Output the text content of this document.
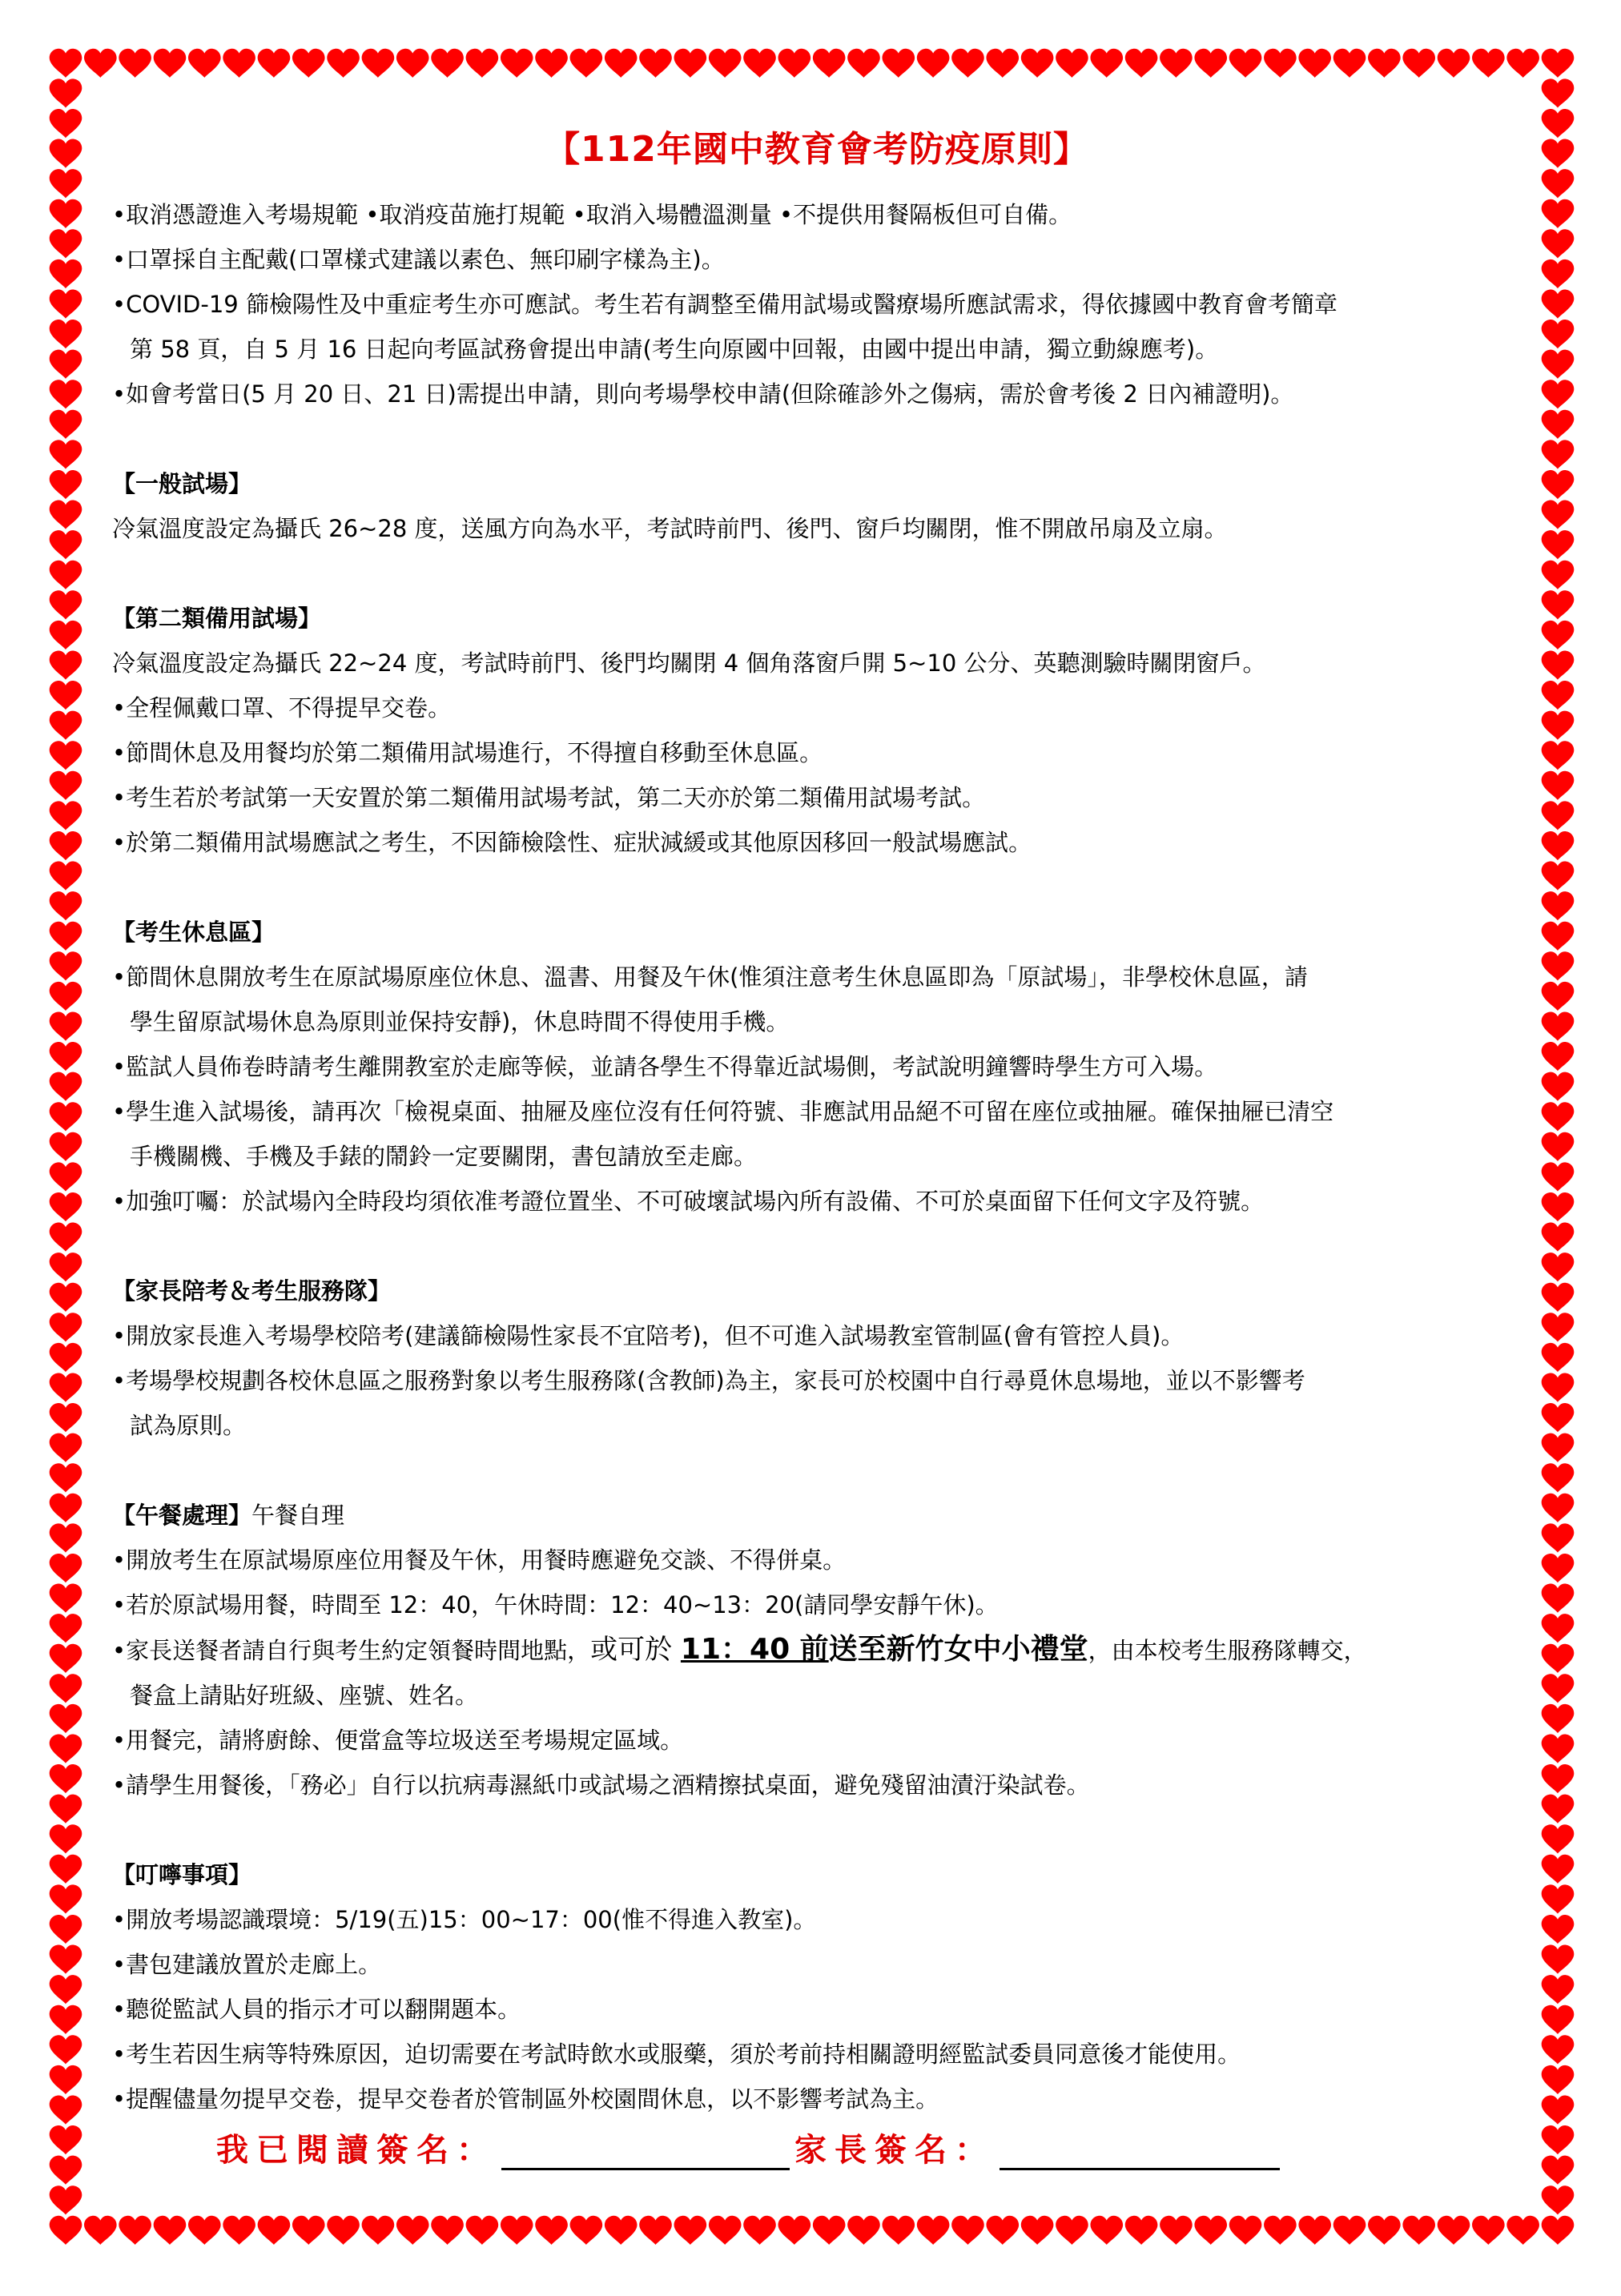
【112年國中教育會考防疫原則】
•取消憑證進入考場規範 •取消疫苗施打規範 •取消入場體溫測量 •不提供用餐隔板但可自備。
•口罩採自主配戴(口罩樣式建議以素色、無印刷字樣為主)。
•COVID-19 篩檢陽性及中重症考生亦可應試。考生若有調整至備用試場或醫療場所應試需求，得依據國中教育會考簡章
第 58 頁，自 5 月 16 日起向考區試務會提出申請(考生向原國中回報，由國中提出申請，獨立動線應考)。
•如會考當日(5 月 20 日、21 日)需提出申請，則向考場學校申請(但除確診外之傷病，需於會考後 2 日內補證明)。
【一般試場】
冷氣溫度設定為攝氏 26~28 度，送風方向為水平，考試時前門、後門、窗戶均關閉，惟不開啟吊扇及立扇。
【第二類備用試場】
冷氣溫度設定為攝氏 22~24 度，考試時前門、後門均關閉 4 個角落窗戶開 5~10 公分、英聽測驗時關閉窗戶。
•全程佩戴口罩、不得提早交卷。
•節間休息及用餐均於第二類備用試場進行，不得擅自移動至休息區。
•考生若於考試第一天安置於第二類備用試場考試，第二天亦於第二類備用試場考試。
•於第二類備用試場應試之考生，不因篩檢陰性、症狀減緩或其他原因移回一般試場應試。
【考生休息區】
•節間休息開放考生在原試場原座位休息、溫書、用餐及午休(惟須注意考生休息區即為「原試場」，非學校休息區，請
學生留原試場休息為原則並保持安靜)，休息時間不得使用手機。
•監試人員佈卷時請考生離開教室於走廊等候，並請各學生不得靠近試場側，考試說明鐘響時學生方可入場。
•學生進入試場後，請再次「檢視桌面、抽屜及座位沒有任何符號、非應試用品絕不可留在座位或抽屜。確保抽屜已清空
手機關機、手機及手錶的鬧鈴一定要關閉，書包請放至走廊。
•加強叮囑：於試場內全時段均須依准考證位置坐、不可破壞試場內所有設備、不可於桌面留下任何文字及符號。
【家長陪考＆考生服務隊】
•開放家長進入考場學校陪考(建議篩檢陽性家長不宜陪考)，但不可進入試場教室管制區(會有管控人員)。
•考場學校規劃各校休息區之服務對象以考生服務隊(含教師)為主，家長可於校園中自行尋覓休息場地，並以不影響考
試為原則。
【午餐處理】午餐自理
•開放考生在原試場原座位用餐及午休，用餐時應避免交談、不得併桌。
•若於原試場用餐，時間至 12：40，午休時間：12：40~13：20(請同學安靜午休)。
•家長送餐者請自行與考生約定領餐時間地點，或可於 11：40 前送至新竹女中小禮堂，由本校考生服務隊轉交，
餐盒上請貼好班級、座號、姓名。
•用餐完，請將廚餘、便當盒等垃圾送至考場規定區域。
•請學生用餐後，「務必」自行以抗病毒濕紙巾或試場之酒精擦拭桌面，避免殘留油漬汙染試卷。
【叮嚀事項】
•開放考場認識環境：5/19(五)15：00~17：00(惟不得進入教室)。
•書包建議放置於走廊上。
•聽從監試人員的指示才可以翻開題本。
•考生若因生病等特殊原因，迫切需要在考試時飲水或服藥，須於考前持相關證明經監試委員同意後才能使用。
•提醒儘量勿提早交卷，提早交卷者於管制區外校園間休息，以不影響考試為主。
我已閱讀簽名：	家長簽名：
